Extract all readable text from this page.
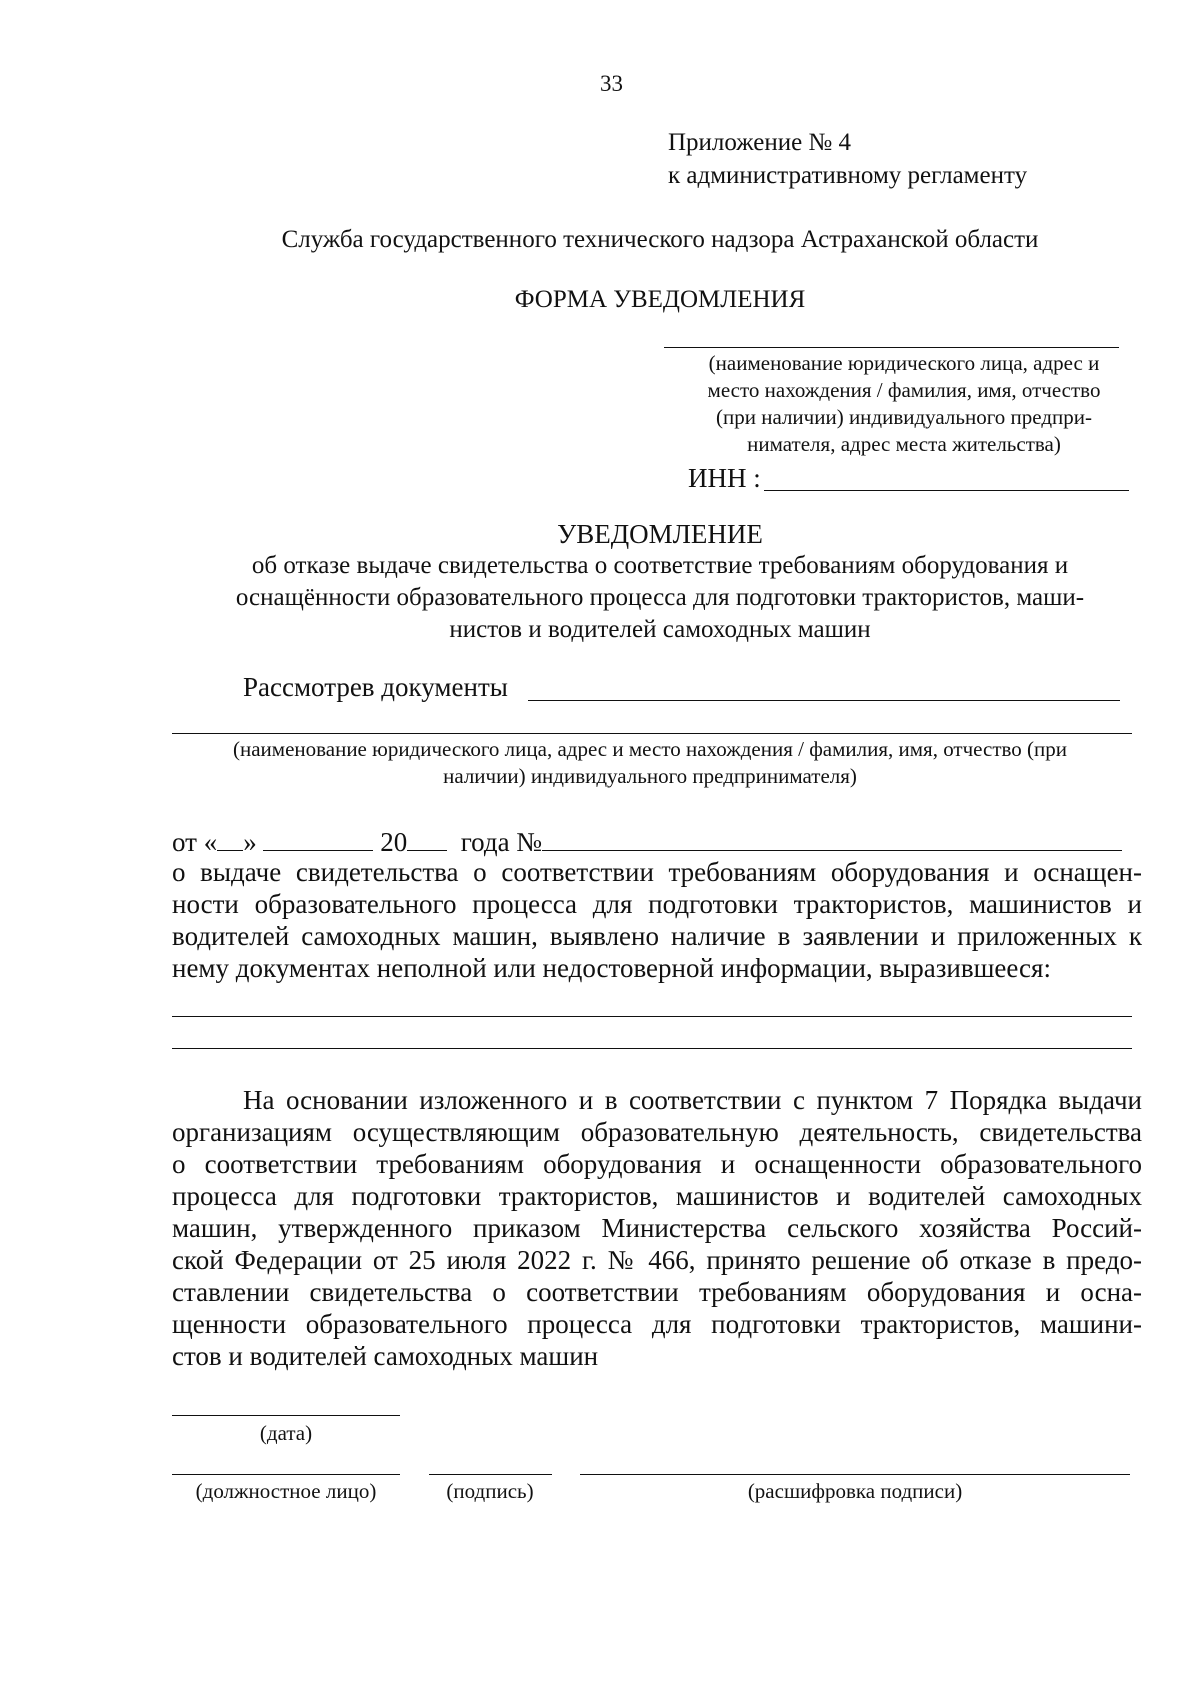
33
Приложение № 4
к административному регламенту
Служба государственного технического надзора Астраханской области
ФОРМА УВЕДОМЛЕНИЯ
(наименование юридического лица, адрес и
место нахождения / фамилия, имя, отчество
(при наличии) индивидуального предпри-
нимателя, адрес места жительства)
ИНН :
УВЕДОМЛЕНИЕ
об отказе выдаче свидетельства о соответствие требованиям оборудования и
оснащённости образовательного процесса для подготовки трактористов, маши-
нистов и водителей самоходных машин
Рассмотрев документы
(наименование юридического лица, адрес и место нахождения / фамилия, имя, отчество (при
наличии) индивидуального предпринимателя)
от « »	20 года №
о выдаче свидетельства о соответствии требованиям оборудования и оснащен-
ности образовательного процесса для подготовки трактористов, машинистов и
водителей самоходных машин, выявлено наличие в заявлении и приложенных к
нему документах неполной или недостоверной информации, выразившееся:
На основании изложенного и в соответствии с пунктом 7 Порядка выдачи
организациям осуществляющим образовательную деятельность, свидетельства
о соответствии требованиям оборудования и оснащенности образовательного
процесса для подготовки трактористов, машинистов и водителей самоходных
машин, утвержденного приказом Министерства сельского хозяйства Россий-
ской Федерации от 25 июля 2022 г. № 466, принято решение об отказе в предо-
ставлении свидетельства о соответствии требованиям оборудования и осна-
щенности образовательного процесса для подготовки трактористов, машини-
стов и водителей самоходных машин
(дата)
(должностное лицо)	(подпись)	(расшифровка подписи)
